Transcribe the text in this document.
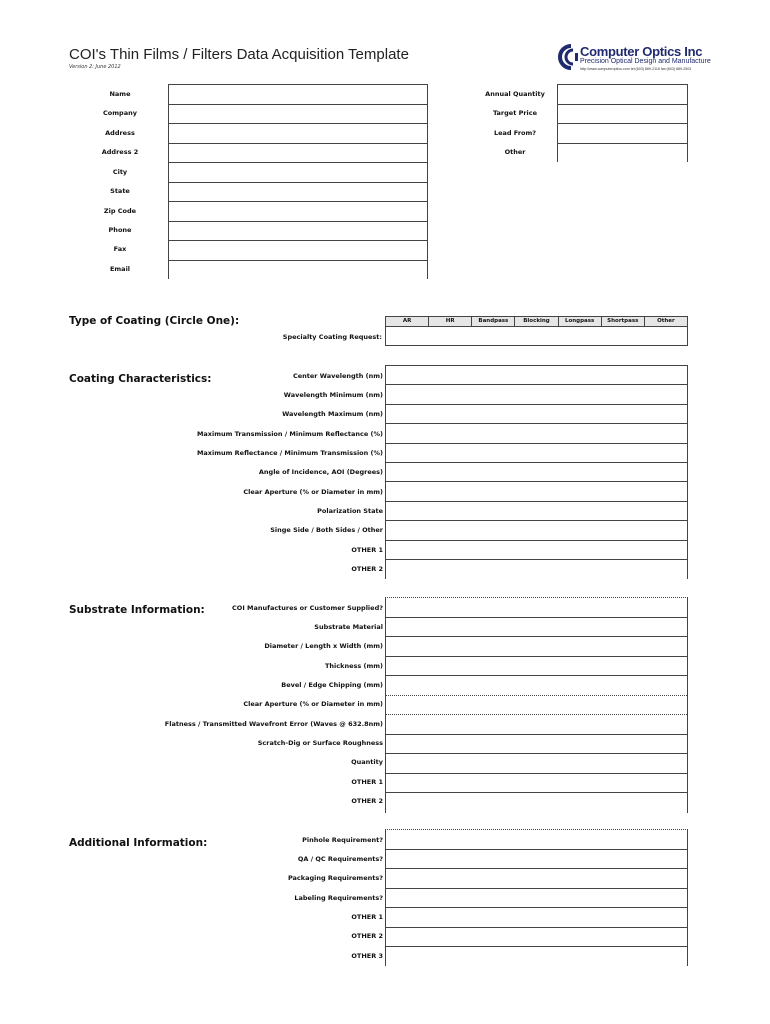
COI's Thin Films / Filters Data Acquisition Template
Version 2: June 2012
Computer Optics Inc
Precision Optical Design and Manufacture
http://www.computeroptics.com tel:(603) 889-2116 fax:(603) 889-2503
Name
Company
Address
Address 2
City
State
Zip Code
Phone
Fax
Email
Annual Quantity
Target Price
Lead From?
Other
Type of Coating (Circle One):	AR	HR	Bandpass	Blocking	Longpass	Shortpass	Other
Specialty Coating Request:
Coating Characteristics:	Center Wavelength (nm)
Wavelength Minimum (nm)
Wavelength Maximum (nm)
Maximum Transmission / Minimum Reflectance (%)
Maximum Reflectance / Minimum Transmission (%)
Angle of Incidence, AOI (Degrees)
Clear Aperture (% or Diameter in mm)
Polarization State
Singe Side / Both Sides / Other
OTHER 1
OTHER 2
Substrate Information:	COI Manufactures or Customer Supplied?
Substrate Material
Diameter / Length x Width (mm)
Thickness (mm)
Bevel / Edge Chipping (mm)
Clear Aperture (% or Diameter in mm)
Flatness / Transmitted Wavefront Error (Waves @ 632.8nm)
Scratch-Dig or Surface Roughness
Quantity
OTHER 1
OTHER 2
Additional Information:	Pinhole Requirement?
QA / QC Requirements?
Packaging Requirements?
Labeling Requirements?
OTHER 1
OTHER 2
OTHER 3
